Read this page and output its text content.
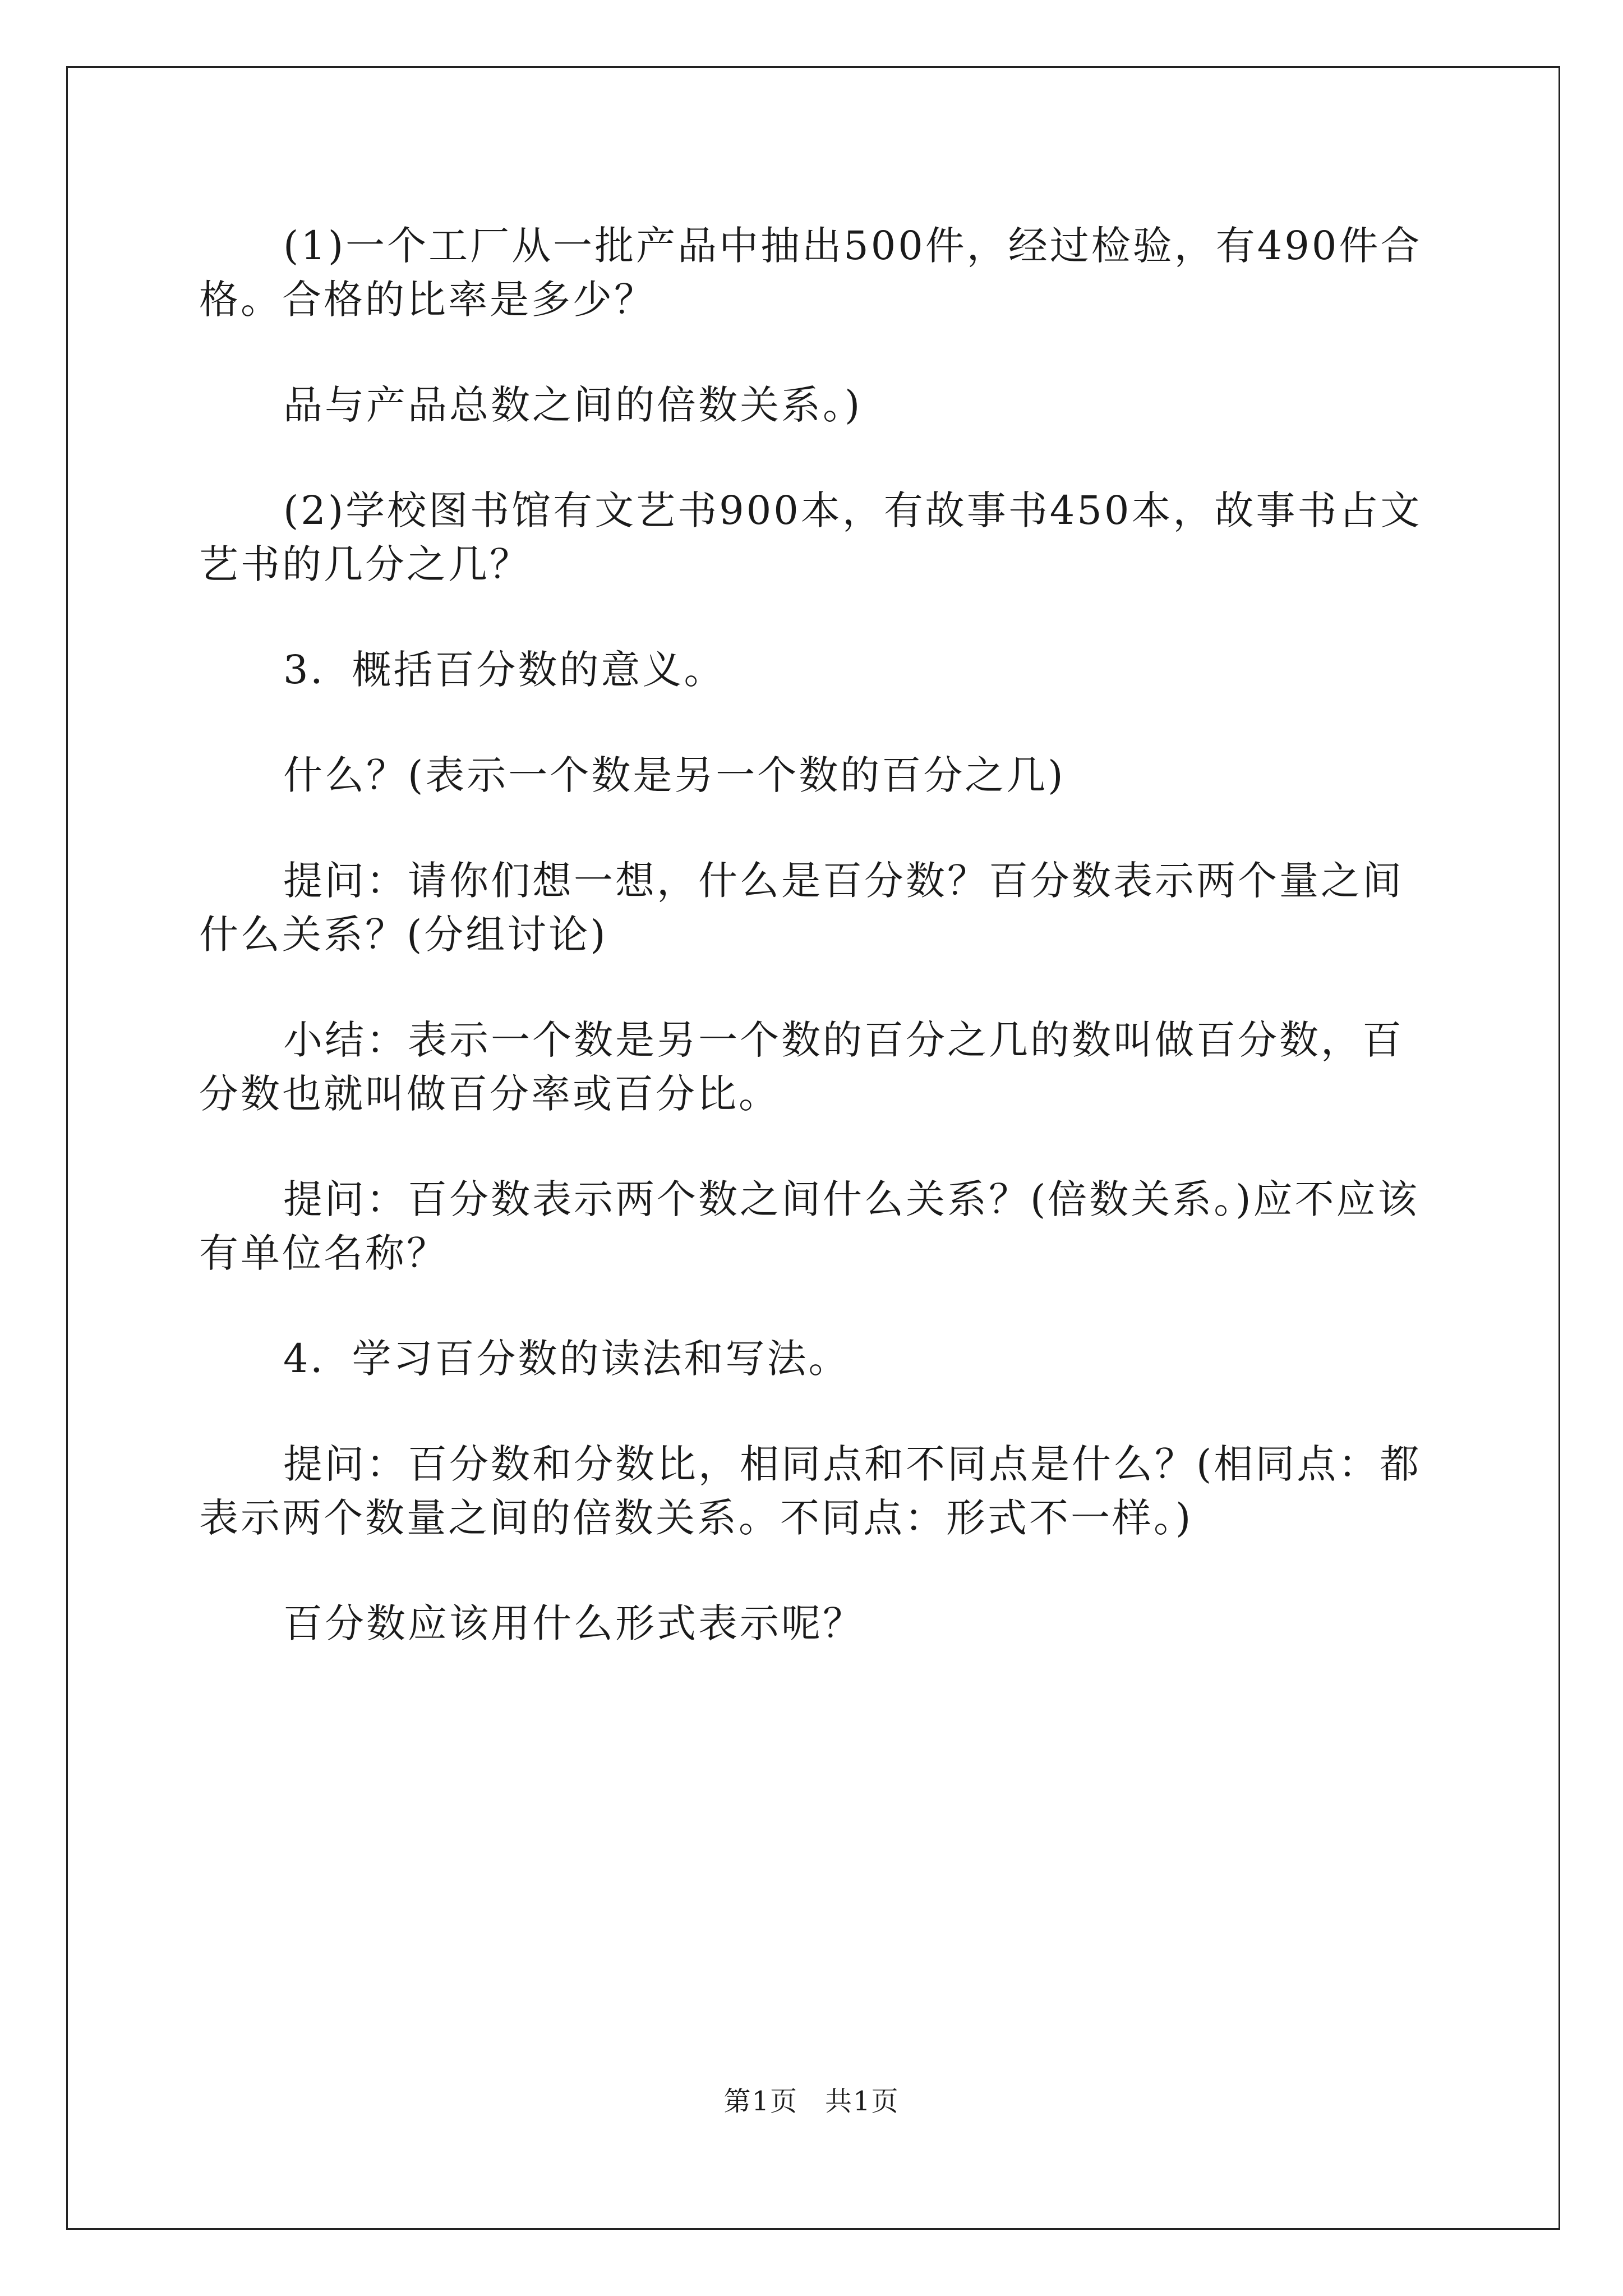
(1)一个工厂从一批产品中抽出500件，经过检验，有490件合格。合格的比率是多少？

品与产品总数之间的倍数关系。)

(2)学校图书馆有文艺书900本，有故事书450本，故事书占文艺书的几分之几？

3．概括百分数的意义。

什么？(表示一个数是另一个数的百分之几)

提问：请你们想一想，什么是百分数？百分数表示两个量之间什么关系？(分组讨论)

小结：表示一个数是另一个数的百分之几的数叫做百分数，百分数也就叫做百分率或百分比。

提问：百分数表示两个数之间什么关系？(倍数关系。)应不应该有单位名称？

4．学习百分数的读法和写法。

提问：百分数和分数比，相同点和不同点是什么？(相同点：都表示两个数量之间的倍数关系。不同点：形式不一样。)

百分数应该用什么形式表示呢？

第1页 共1页
